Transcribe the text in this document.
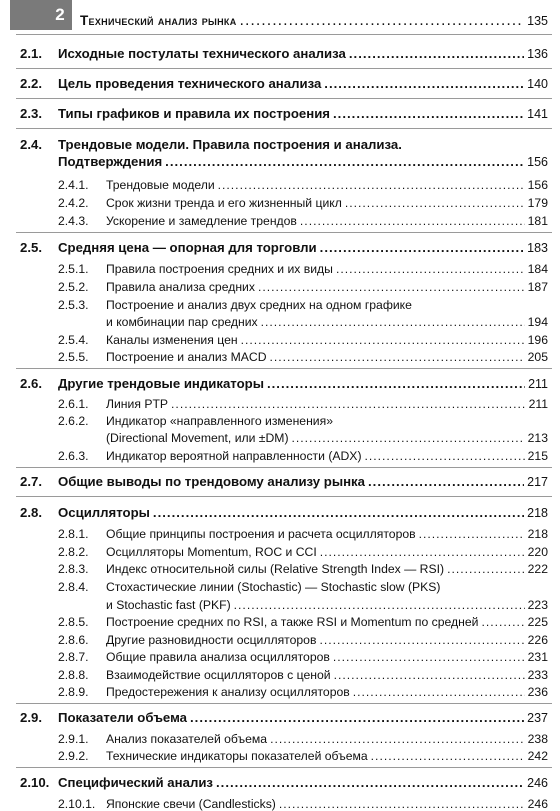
2	Технический анализ рынка .....	135
2.1. Исходные постулаты технического анализа .....	136
2.2. Цель проведения технического анализа .....	140
2.3. Типы графиков и правила их построения .....	141
2.4. Трендовые модели. Правила построения и анализа.
Подтверждения .....	156
2.4.1. Трендовые модели .....	156
2.4.2. Срок жизни тренда и его жизненный цикл .....	179
2.4.3. Ускорение и замедление трендов .....	181
2.5. Средняя цена — опорная для торговли .....	183
2.5.1. Правила построения средних и их виды .....	184
2.5.2. Правила анализа средних .....	187
2.5.3. Построение и анализ двух средних на одном графике
и комбинации пар средних .....	194
2.5.4. Каналы изменения цен .....	196
2.5.5. Построение и анализ MACD .....	205
2.6. Другие трендовые индикаторы .....	211
2.6.1. Линия PTP .....	211
2.6.2. Индикатор «направленного изменения»
(Directional Movement, или ±DM) .....	213
2.6.3. Индикатор вероятной направленности (ADX) .....	215
2.7. Общие выводы по трендовому анализу рынка .....	217
2.8. Осцилляторы .....	218
2.8.1. Общие принципы построения и расчета осцилляторов .....	218
2.8.2. Осцилляторы Momentum, ROC и CCI .....	220
2.8.3. Индекс относительной силы (Relative Strength Index — RSI) .....	222
2.8.4. Стохастические линии (Stochastic) — Stochastic slow (PKS)
и Stochastic fast (PKF) .....	223
2.8.5. Построение средних по RSI, а также RSI и Momentum по средней .....	225
2.8.6. Другие разновидности осцилляторов .....	226
2.8.7. Общие правила анализа осцилляторов .....	231
2.8.8. Взаимодействие осцилляторов с ценой .....	233
2.8.9. Предостережения к анализу осцилляторов .....	236
2.9. Показатели объема .....	237
2.9.1. Анализ показателей объема .....	238
2.9.2. Технические индикаторы показателей объема .....	242
2.10. Специфический анализ .....	246
2.10.1. Японские свечи (Candlesticks) .....	246
